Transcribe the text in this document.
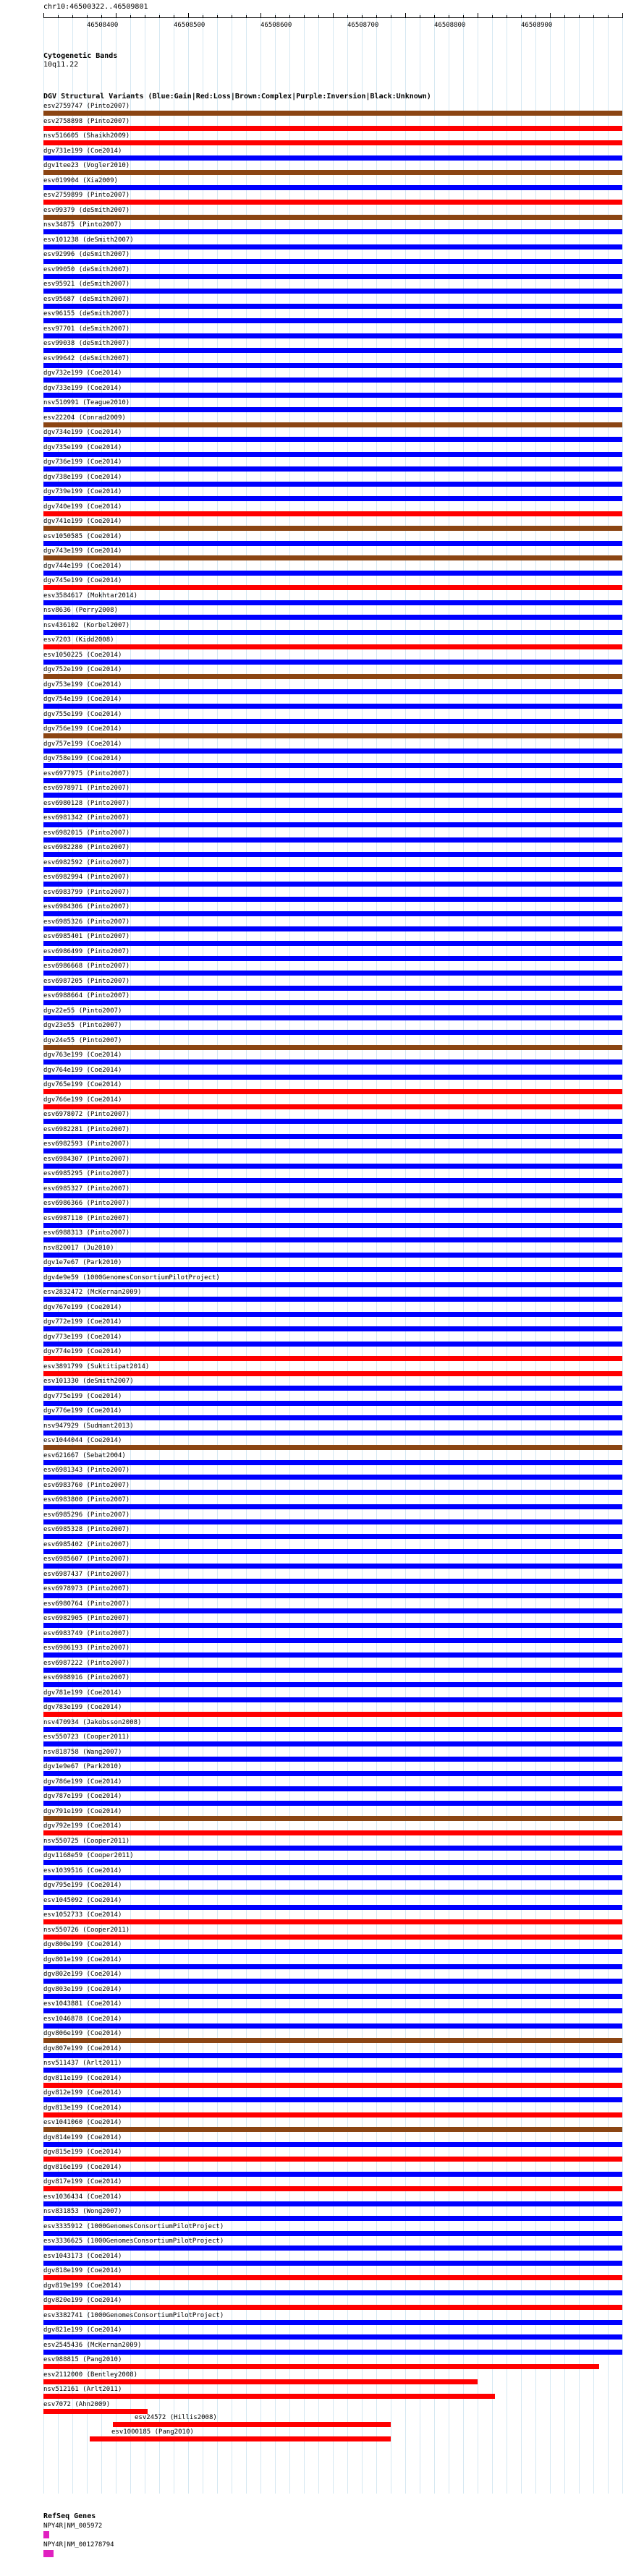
chr10:46500322..46509801
46508400	46508500	46508600	46508700	46508800	46508900
Cytogenetic Bands
10q11.22
DGV Structural Variants (Blue:Gain|Red:Loss|Brown:Complex|Purple:Inversion|Black:Unknown)
esv2759747 (Pinto2007)
esv2758898 (Pinto2007)
nsv516605 (Shaikh2009)
dgv731e199 (Coe2014)
dgv1tee23 (Vogler2010)
esv019904 (Xia2009)
esv2759899 (Pinto2007)
esv99379 (deSmith2007)
nsv34875 (Pinto2007)
esv101238 (deSmith2007)
esv92996 (deSmith2007)
esv99050 (deSmith2007)
esv95921 (deSmith2007)
esv95687 (deSmith2007)
esv96155 (deSmith2007)
esv97701 (deSmith2007)
esv99038 (deSmith2007)
esv99642 (deSmith2007)
dgv732e199 (Coe2014)
dgv733e199 (Coe2014)
nsv510991 (Teague2010)
esv22204 (Conrad2009)
dgv734e199 (Coe2014)
dgv735e199 (Coe2014)
dgv736e199 (Coe2014)
dgv738e199 (Coe2014)
dgv739e199 (Coe2014)
dgv740e199 (Coe2014)
dgv741e199 (Coe2014)
esv1050585 (Coe2014)
dgv743e199 (Coe2014)
dgv744e199 (Coe2014)
dgv745e199 (Coe2014)
esv3584617 (Mokhtar2014)
nsv8636 (Perry2008)
nsv436102 (Korbel2007)
esv7203 (Kidd2008)
esv1050225 (Coe2014)
dgv752e199 (Coe2014)
dgv753e199 (Coe2014)
dgv754e199 (Coe2014)
dgv755e199 (Coe2014)
dgv756e199 (Coe2014)
dgv757e199 (Coe2014)
dgv758e199 (Coe2014)
esv6977975 (Pinto2007)
esv6978971 (Pinto2007)
esv6980128 (Pinto2007)
esv6981342 (Pinto2007)
esv6982015 (Pinto2007)
esv6982280 (Pinto2007)
esv6982592 (Pinto2007)
esv6982994 (Pinto2007)
esv6983799 (Pinto2007)
esv6984306 (Pinto2007)
esv6985326 (Pinto2007)
esv6985401 (Pinto2007)
esv6986499 (Pinto2007)
esv6986668 (Pinto2007)
esv6987205 (Pinto2007)
esv6988664 (Pinto2007)
dgv22e55 (Pinto2007)
dgv23e55 (Pinto2007)
dgv24e55 (Pinto2007)
dgv763e199 (Coe2014)
dgv764e199 (Coe2014)
dgv765e199 (Coe2014)
dgv766e199 (Coe2014)
esv6978072 (Pinto2007)
esv6982281 (Pinto2007)
esv6982593 (Pinto2007)
esv6984307 (Pinto2007)
esv6985295 (Pinto2007)
esv6985327 (Pinto2007)
esv6986366 (Pinto2007)
esv6987110 (Pinto2007)
esv6988313 (Pinto2007)
nsv820017 (Ju2010)
dgv1e7e67 (Park2010)
dgv4e9e59 (1000GenomesConsortiumPilotProject)
esv2832472 (McKernan2009)
dgv767e199 (Coe2014)
dgv772e199 (Coe2014)
dgv773e199 (Coe2014)
dgv774e199 (Coe2014)
esv3891799 (Suktitipat2014)
esv101330 (deSmith2007)
dgv775e199 (Coe2014)
dgv776e199 (Coe2014)
nsv947929 (Sudmant2013)
esv1044044 (Coe2014)
esv621667 (Sebat2004)
esv6981343 (Pinto2007)
esv6983760 (Pinto2007)
esv6983800 (Pinto2007)
esv6985296 (Pinto2007)
esv6985328 (Pinto2007)
esv6985402 (Pinto2007)
esv6985607 (Pinto2007)
esv6987437 (Pinto2007)
esv6978973 (Pinto2007)
esv6980764 (Pinto2007)
esv6982905 (Pinto2007)
esv6983749 (Pinto2007)
esv6986193 (Pinto2007)
esv6987222 (Pinto2007)
esv6988916 (Pinto2007)
dgv781e199 (Coe2014)
dgv783e199 (Coe2014)
nsv470934 (Jakobsson2008)
esv550723 (Cooper2011)
nsv818758 (Wang2007)
dgv1e9e67 (Park2010)
dgv786e199 (Coe2014)
dgv787e199 (Coe2014)
dgv791e199 (Coe2014)
dgv792e199 (Coe2014)
nsv550725 (Cooper2011)
dgv1168e59 (Cooper2011)
esv1039516 (Coe2014)
dgv795e199 (Coe2014)
esv1045092 (Coe2014)
esv1052733 (Coe2014)
nsv550726 (Cooper2011)
dgv800e199 (Coe2014)
dgv801e199 (Coe2014)
dgv802e199 (Coe2014)
dgv803e199 (Coe2014)
esv1043881 (Coe2014)
esv1046878 (Coe2014)
dgv806e199 (Coe2014)
dgv807e199 (Coe2014)
nsv511437 (Arlt2011)
dgv811e199 (Coe2014)
dgv812e199 (Coe2014)
dgv813e199 (Coe2014)
esv1041060 (Coe2014)
dgv814e199 (Coe2014)
dgv815e199 (Coe2014)
dgv816e199 (Coe2014)
dgv817e199 (Coe2014)
esv1036434 (Coe2014)
nsv831853 (Wong2007)
esv3335912 (1000GenomesConsortiumPilotProject)
esv3336625 (1000GenomesConsortiumPilotProject)
esv1043173 (Coe2014)
dgv818e199 (Coe2014)
dgv819e199 (Coe2014)
dgv820e199 (Coe2014)
esv3382741 (1000GenomesConsortiumPilotProject)
dgv821e199 (Coe2014)
esv2545436 (McKernan2009)
esv988815 (Pang2010)
esv2112000 (Bentley2008)
nsv512161 (Arlt2011)
esv7072 (Ahn2009)
esv24572 (Hillis2008)
esv1000185 (Pang2010)
RefSeq Genes
NPY4R|NM_005972
NPY4R|NM_001278794
